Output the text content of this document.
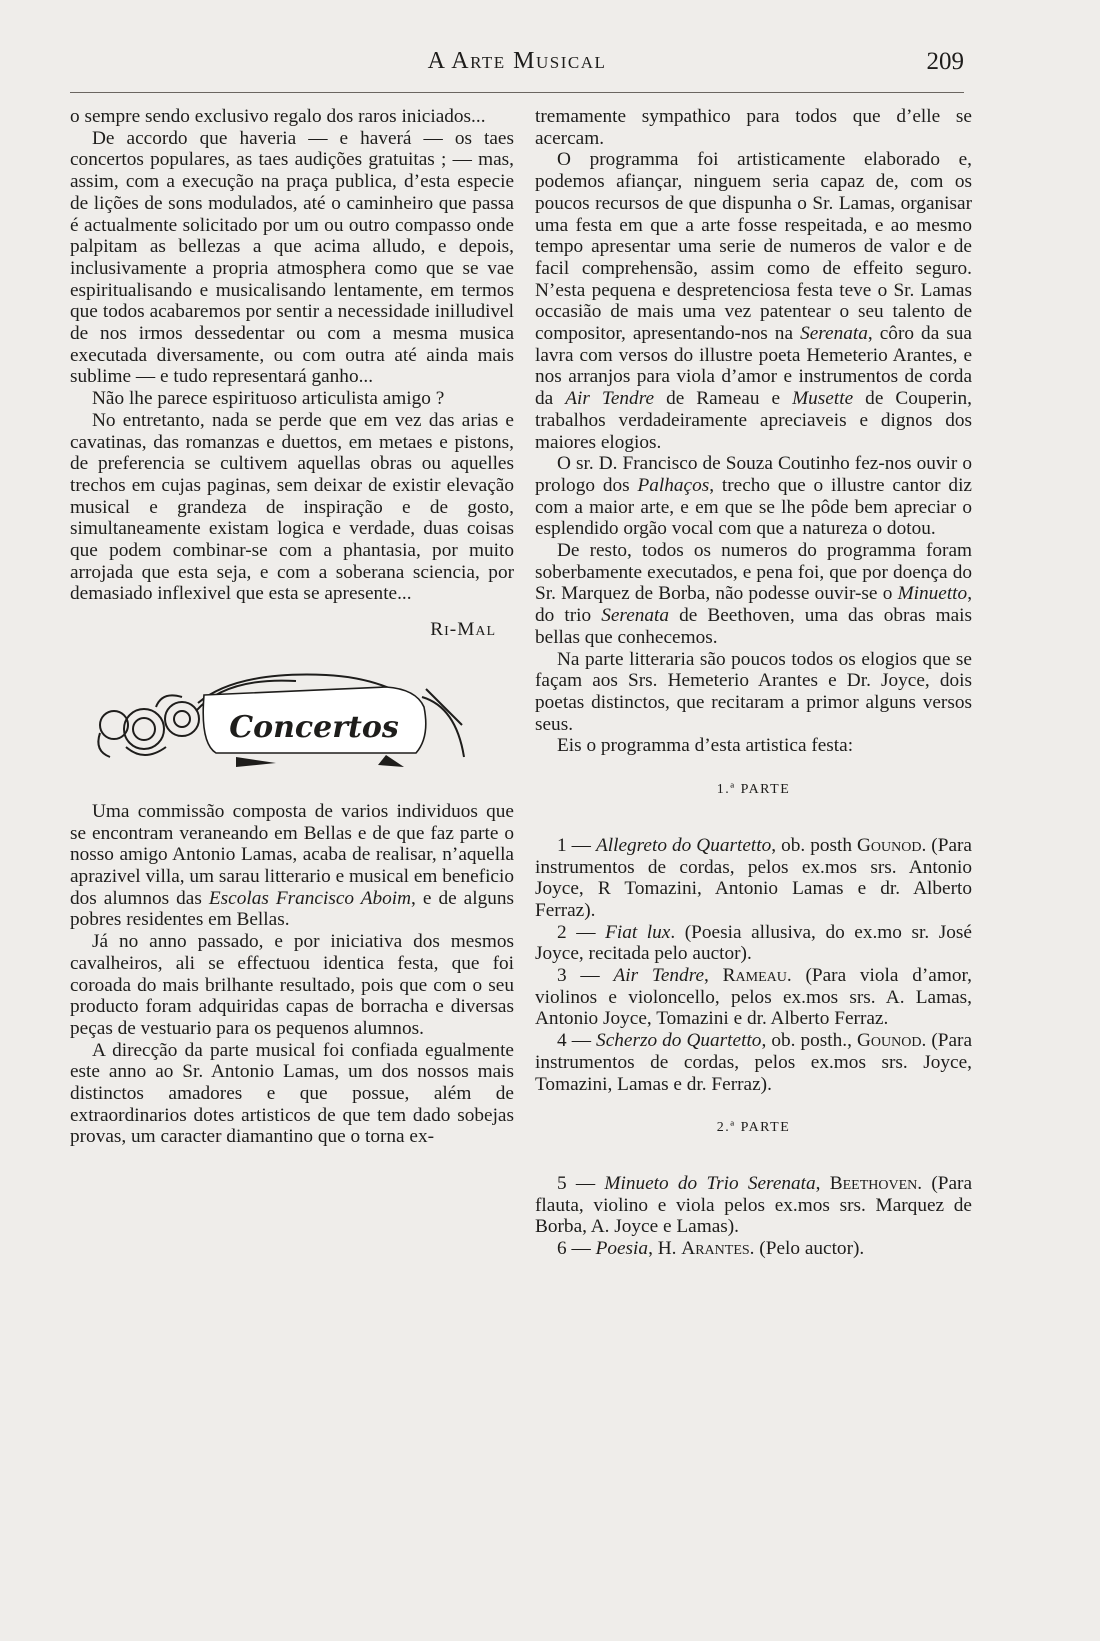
A Arte Musical	209

o sempre sendo exclusivo regalo dos raros iniciados...

De accordo que haveria — e haverá — os taes concertos populares, as taes audições gratuitas ; — mas, assim, com a execução na praça publica, d’esta especie de lições de sons modulados, até o caminheiro que passa é actualmente solicitado por um ou outro compasso onde palpitam as bellezas a que acima alludo, e depois, inclusivamente a propria atmosphera como que se vae espiritualisando e musicalisando lentamente, em termos que todos acabaremos por sentir a necessidade inilludivel de nos irmos dessedentar ou com a mesma musica executada diversamente, ou com outra até ainda mais sublime — e tudo representará ganho...

Não lhe parece espirituoso articulista amigo ?

No entretanto, nada se perde que em vez das arias e cavatinas, das romanzas e duettos, em metaes e pistons, de preferencia se cultivem aquellas obras ou aquelles trechos em cujas paginas, sem deixar de existir elevação musical e grandeza de inspiração e de gosto, simultaneamente existam logica e verdade, duas coisas que podem combinar-se com a phantasia, por muito arrojada que esta seja, e com a soberana sciencia, por demasiado inflexivel que esta se apresente...

Ri-Mal

Concertos

Uma commissão composta de varios individuos que se encontram veraneando em Bellas e de que faz parte o nosso amigo Antonio Lamas, acaba de realisar, n’aquella aprazivel villa, um sarau litterario e musical em beneficio dos alumnos das Escolas Francisco Aboim, e de alguns pobres residentes em Bellas.

Já no anno passado, e por iniciativa dos mesmos cavalheiros, ali se effectuou identica festa, que foi coroada do mais brilhante resultado, pois que com o seu producto foram adquiridas capas de borracha e diversas peças de vestuario para os pequenos alumnos.

A direcção da parte musical foi confiada egualmente este anno ao Sr. Antonio Lamas, um dos nossos mais distinctos amadores e que possue, além de extraordinarios dotes artisticos de que tem dado sobejas provas, um caracter diamantino que o torna ex-

tremamente sympathico para todos que d’elle se acercam.

O programma foi artisticamente elaborado e, podemos afiançar, ninguem seria capaz de, com os poucos recursos de que dispunha o Sr. Lamas, organisar uma festa em que a arte fosse respeitada, e ao mesmo tempo apresentar uma serie de numeros de valor e de facil comprehensão, assim como de effeito seguro. N’esta pequena e despretenciosa festa teve o Sr. Lamas occasião de mais uma vez patentear o seu talento de compositor, apresentando-nos na Serenata, côro da sua lavra com versos do illustre poeta Hemeterio Arantes, e nos arranjos para viola d’amor e instrumentos de corda da Air Tendre de Rameau e Musette de Couperin, trabalhos verdadeiramente apreciaveis e dignos dos maiores elogios.

O sr. D. Francisco de Souza Coutinho fez-nos ouvir o prologo dos Palhaços, trecho que o illustre cantor diz com a maior arte, e em que se lhe pôde bem apreciar o esplendido orgão vocal com que a natureza o dotou.

De resto, todos os numeros do programma foram soberbamente executados, e pena foi, que por doença do Sr. Marquez de Borba, não podesse ouvir-se o Minuetto, do trio Serenata de Beethoven, uma das obras mais bellas que conhecemos.

Na parte litteraria são poucos todos os elogios que se façam aos Srs. Hemeterio Arantes e Dr. Joyce, dois poetas distinctos, que recitaram a primor alguns versos seus.

Eis o programma d’esta artistica festa:

1.ª PARTE

1 — Allegreto do Quartetto, ob. posth Gounod. (Para instrumentos de cordas, pelos ex.mos srs. Antonio Joyce, R Tomazini, Antonio Lamas e dr. Alberto Ferraz).

2 — Fiat lux. (Poesia allusiva, do ex.mo sr. José Joyce, recitada pelo auctor).

3 — Air Tendre, Rameau. (Para viola d’amor, violinos e violoncello, pelos ex.mos srs. A. Lamas, Antonio Joyce, Tomazini e dr. Alberto Ferraz.

4 — Scherzo do Quartetto, ob. posth., Gounod. (Para instrumentos de cordas, pelos ex.mos srs. Joyce, Tomazini, Lamas e dr. Ferraz).

2.ª PARTE

5 — Minueto do Trio Serenata, Beethoven. (Para flauta, violino e viola pelos ex.mos srs. Marquez de Borba, A. Joyce e Lamas).

6 — Poesia, H. Arantes. (Pelo auctor).
